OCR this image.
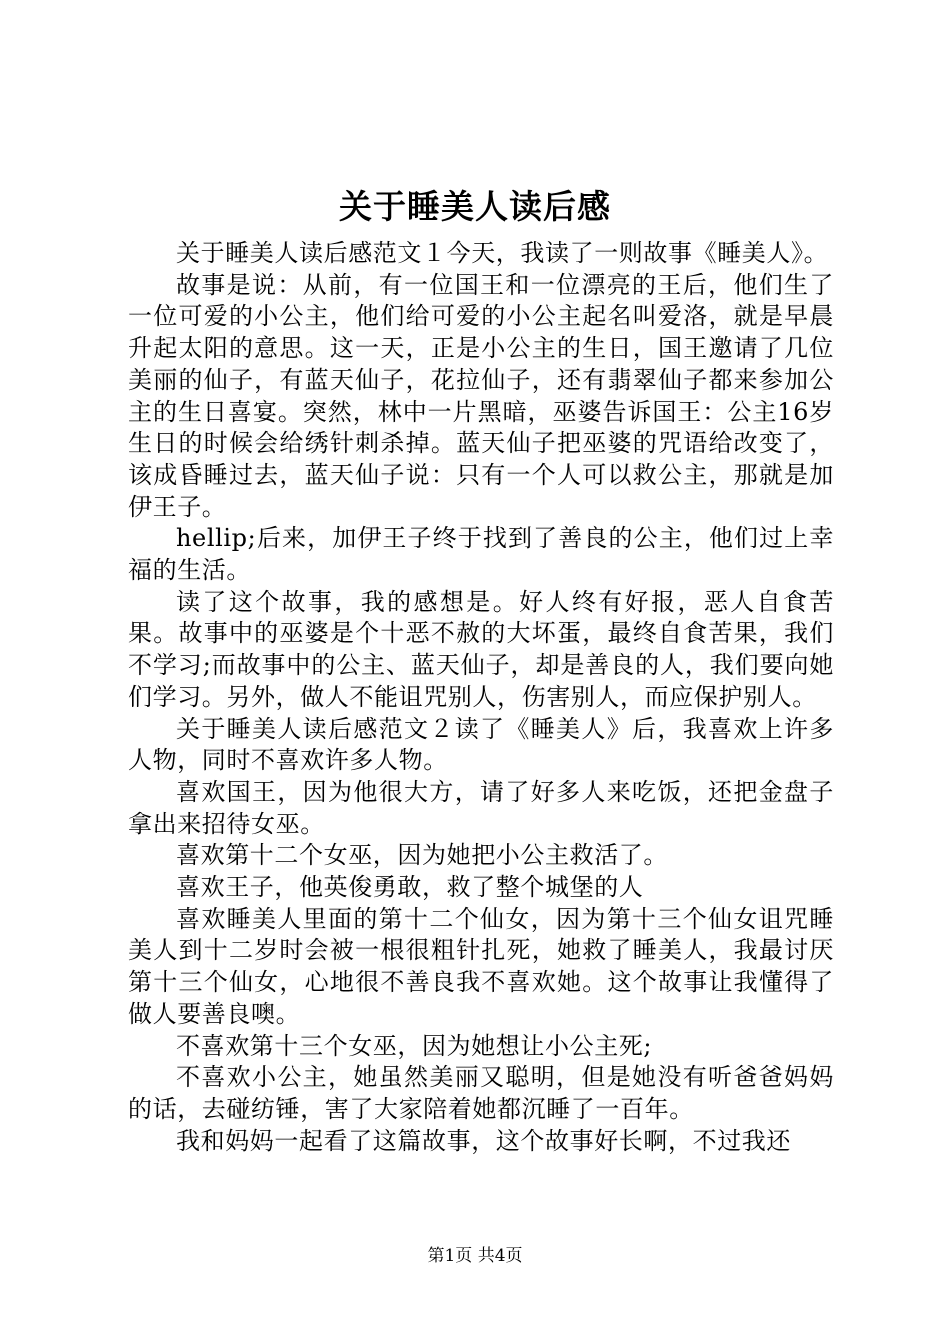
关于睡美人读后感

关于睡美人读后感范文１今天，我读了一则故事《睡美人》。

故事是说：从前，有一位国王和一位漂亮的王后，他们生了一位可爱的小公主，他们给可爱的小公主起名叫爱洛，就是早晨升起太阳的意思。这一天，正是小公主的生日，国王邀请了几位美丽的仙子，有蓝天仙子，花拉仙子，还有翡翠仙子都来参加公主的生日喜宴。突然，林中一片黑暗，巫婆告诉国王：公主16岁生日的时候会给绣针刺杀掉。蓝天仙子把巫婆的咒语给改变了，该成昏睡过去，蓝天仙子说：只有一个人可以救公主，那就是加伊王子。

hellip;后来，加伊王子终于找到了善良的公主，他们过上幸福的生活。

读了这个故事，我的感想是。好人终有好报，恶人自食苦果。故事中的巫婆是个十恶不赦的大坏蛋，最终自食苦果，我们不学习;而故事中的公主、蓝天仙子，却是善良的人，我们要向她们学习。另外，做人不能诅咒别人，伤害别人，而应保护别人。

关于睡美人读后感范文２读了《睡美人》后，我喜欢上许多人物，同时不喜欢许多人物。

喜欢国王，因为他很大方，请了好多人来吃饭，还把金盘子拿出来招待女巫。

喜欢第十二个女巫，因为她把小公主救活了。

喜欢王子，他英俊勇敢，救了整个城堡的人

喜欢睡美人里面的第十二个仙女，因为第十三个仙女诅咒睡美人到十二岁时会被一根很粗针扎死，她救了睡美人，我最讨厌第十三个仙女，心地很不善良我不喜欢她。这个故事让我懂得了做人要善良噢。

不喜欢第十三个女巫，因为她想让小公主死;

不喜欢小公主，她虽然美丽又聪明，但是她没有听爸爸妈妈的话，去碰纺锤，害了大家陪着她都沉睡了一百年。

我和妈妈一起看了这篇故事，这个故事好长啊，不过我还

第1页 共4页
